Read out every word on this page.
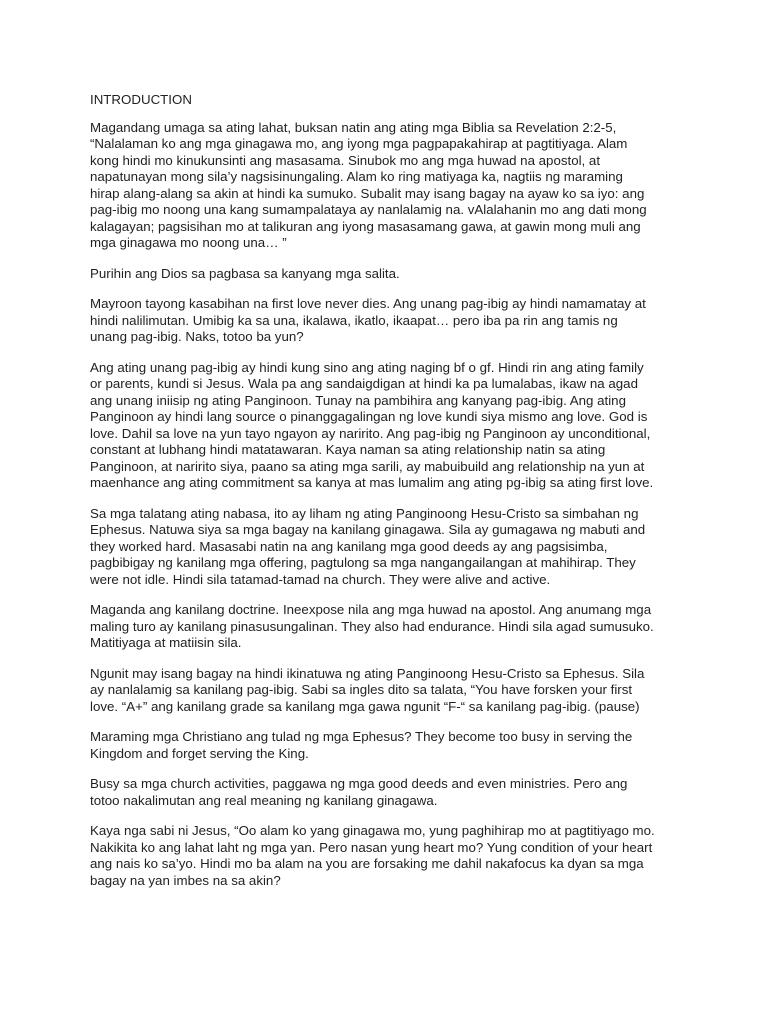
INTRODUCTION
Magandang umaga sa ating lahat, buksan natin ang ating mga Biblia sa Revelation 2:2-5,
“Nalalaman ko ang mga ginagawa mo, ang iyong mga pagpapakahirap at pagtitiyaga. Alam
kong hindi mo kinukunsinti ang masasama. Sinubok mo ang mga huwad na apostol, at
napatunayan mong sila’y nagsisinungaling. Alam ko ring matiyaga ka, nagtiis ng maraming
hirap alang-alang sa akin at hindi ka sumuko. Subalit may isang bagay na ayaw ko sa iyo: ang
pag-ibig mo noong una kang sumampalataya ay nanlalamig na. vAlalahanin mo ang dati mong
kalagayan; pagsisihan mo at talikuran ang iyong masasamang gawa, at gawin mong muli ang
mga ginagawa mo noong una… ”
Purihin ang Dios sa pagbasa sa kanyang mga salita.
Mayroon tayong kasabihan na first love never dies. Ang unang pag-ibig ay hindi namamatay at
hindi nalilimutan. Umibig ka sa una, ikalawa, ikatlo, ikaapat… pero iba pa rin ang tamis ng
unang pag-ibig. Naks, totoo ba yun?
Ang ating unang pag-ibig ay hindi kung sino ang ating naging bf o gf. Hindi rin ang ating family
or parents, kundi si Jesus. Wala pa ang sandaigdigan at hindi ka pa lumalabas, ikaw na agad
ang unang iniisip ng ating Panginoon. Tunay na pambihira ang kanyang pag-ibig. Ang ating
Panginoon ay hindi lang source o pinanggagalingan ng love kundi siya mismo ang love. God is
love. Dahil sa love na yun tayo ngayon ay naririto. Ang pag-ibig ng Panginoon ay unconditional,
constant at lubhang hindi matatawaran. Kaya naman sa ating relationship natin sa ating
Panginoon, at naririto siya, paano sa ating mga sarili, ay mabuibuild ang relationship na yun at
maenhance ang ating commitment sa kanya at mas lumalim ang ating pg-ibig sa ating first love.
Sa mga talatang ating nabasa, ito ay liham ng ating Panginoong Hesu-Cristo sa simbahan ng
Ephesus. Natuwa siya sa mga bagay na kanilang ginagawa. Sila ay gumagawa ng mabuti and
they worked hard. Masasabi natin na ang kanilang mga good deeds ay ang pagsisimba,
pagbibigay ng kanilang mga offering, pagtulong sa mga nangangailangan at mahihirap. They
were not idle. Hindi sila tatamad-tamad na church. They were alive and active.
Maganda ang kanilang doctrine. Ineexpose nila ang mga huwad na apostol. Ang anumang mga
maling turo ay kanilang pinasusungalinan. They also had endurance. Hindi sila agad sumusuko.
Matitiyaga at matiisin sila.
Ngunit may isang bagay na hindi ikinatuwa ng ating Panginoong Hesu-Cristo sa Ephesus. Sila
ay nanlalamig sa kanilang pag-ibig. Sabi sa ingles dito sa talata, “You have forsken your first
love. “A+” ang kanilang grade sa kanilang mga gawa ngunit “F-“ sa kanilang pag-ibig. (pause)
Maraming mga Christiano ang tulad ng mga Ephesus? They become too busy in serving the
Kingdom and forget serving the King.
Busy sa mga church activities, paggawa ng mga good deeds and even ministries. Pero ang
totoo nakalimutan ang real meaning ng kanilang ginagawa.
Kaya nga sabi ni Jesus, “Oo alam ko yang ginagawa mo, yung paghihirap mo at pagtitiyago mo.
Nakikita ko ang lahat laht ng mga yan. Pero nasan yung heart mo? Yung condition of your heart
ang nais ko sa’yo. Hindi mo ba alam na you are forsaking me dahil nakafocus ka dyan sa mga
bagay na yan imbes na sa akin?
